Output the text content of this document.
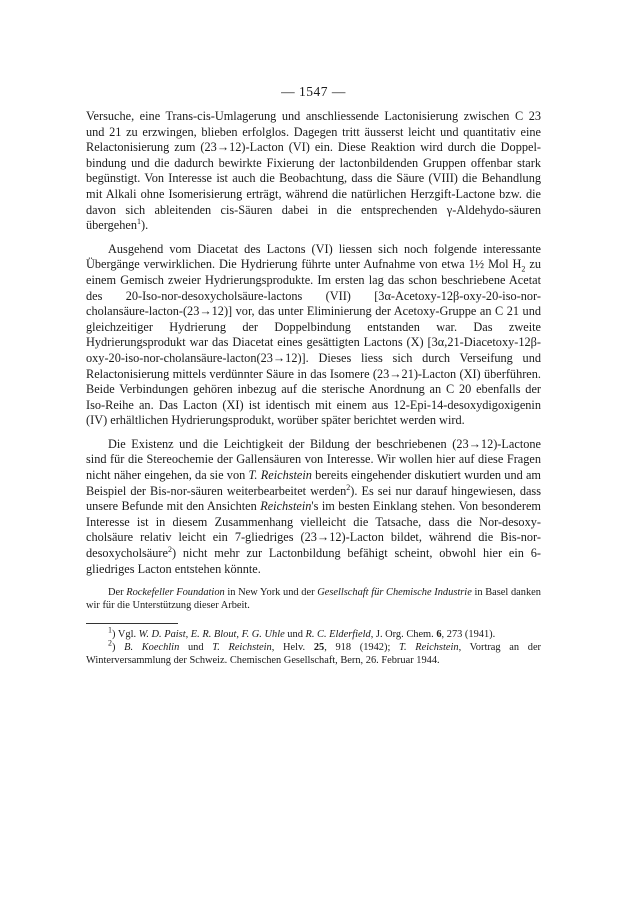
— 1547 —

Versuche, eine Trans-cis-Umlagerung und anschliessende Lactonisierung zwischen C 23 und 21 zu erzwingen, blieben erfolglos. Dagegen tritt äusserst leicht und quantitativ eine Relactonisierung zum (23→12)-Lacton (VI) ein. Diese Reaktion wird durch die Doppelbindung und die dadurch bewirkte Fixierung der lactonbildenden Gruppen offenbar stark begünstigt. Von Interesse ist auch die Beobachtung, dass die Säure (VIII) die Behandlung mit Alkali ohne Isomerisierung erträgt, während die natürlichen Herzgift-Lactone bzw. die davon sich ableitenden cis-Säuren dabei in die entsprechenden γ-Aldehydo-säuren übergehen$^1$).

Ausgehend vom Diacetat des Lactons (VI) liessen sich noch folgende interessante Übergänge verwirklichen. Die Hydrierung führte unter Aufnahme von etwa 1½ Mol $H_2$ zu einem Gemisch zweier Hydrierungsprodukte. Im ersten lag das schon beschriebene Acetat des 20-Iso-nor-desoxycholsäure-lactons (VII) [3α-Acetoxy-12β-oxy-20-iso-nor-cholansäure-lacton-(23→12)] vor, das unter Eliminierung der Acetoxy-Gruppe an C 21 und gleichzeitiger Hydrierung der Doppelbindung entstanden war. Das zweite Hydrierungsprodukt war das Diacetat eines gesättigten Lactons (X) [3α,21-Diacetoxy-12β-oxy-20-iso-nor-cholansäure-lacton(23→12)]. Dieses liess sich durch Verseifung und Relactonisierung mittels verdünnter Säure in das Isomere (23→21)-Lacton (XI) überführen. Beide Verbindungen gehören inbezug auf die sterische Anordnung an C 20 ebenfalls der Iso-Reihe an. Das Lacton (XI) ist identisch mit einem aus 12-Epi-14-desoxydigoxigenin (IV) erhältlichen Hydrierungsprodukt, worüber später berichtet werden wird.

Die Existenz und die Leichtigkeit der Bildung der beschriebenen (23→12)-Lactone sind für die Stereochemie der Gallensäuren von Interesse. Wir wollen hier auf diese Fragen nicht näher eingehen, da sie von T. Reichstein bereits eingehender diskutiert wurden und am Beispiel der Bis-nor-säuren weiterbearbeitet werden$^2$). Es sei nur darauf hingewiesen, dass unsere Befunde mit den Ansichten Reichstein's im besten Einklang stehen. Von besonderem Interesse ist in diesem Zusammenhang vielleicht die Tatsache, dass die Nor-desoxycholsäure relativ leicht ein 7-gliedriges (23→12)-Lacton bildet, während die Bis-nor-desoxycholsäure$^2$) nicht mehr zur Lactonbildung befähigt scheint, obwohl hier ein 6-gliedriges Lacton entstehen könnte.

Der Rockefeller Foundation in New York und der Gesellschaft für Chemische Industrie in Basel danken wir für die Unterstützung dieser Arbeit.

$^1$) Vgl. W. D. Paist, E. R. Blout, F. G. Uhle und R. C. Elderfield, J. Org. Chem. 6, 273 (1941).

$^2$) B. Koechlin und T. Reichstein, Helv. 25, 918 (1942); T. Reichstein, Vortrag an der Winterversammlung der Schweiz. Chemischen Gesellschaft, Bern, 26. Februar 1944.
